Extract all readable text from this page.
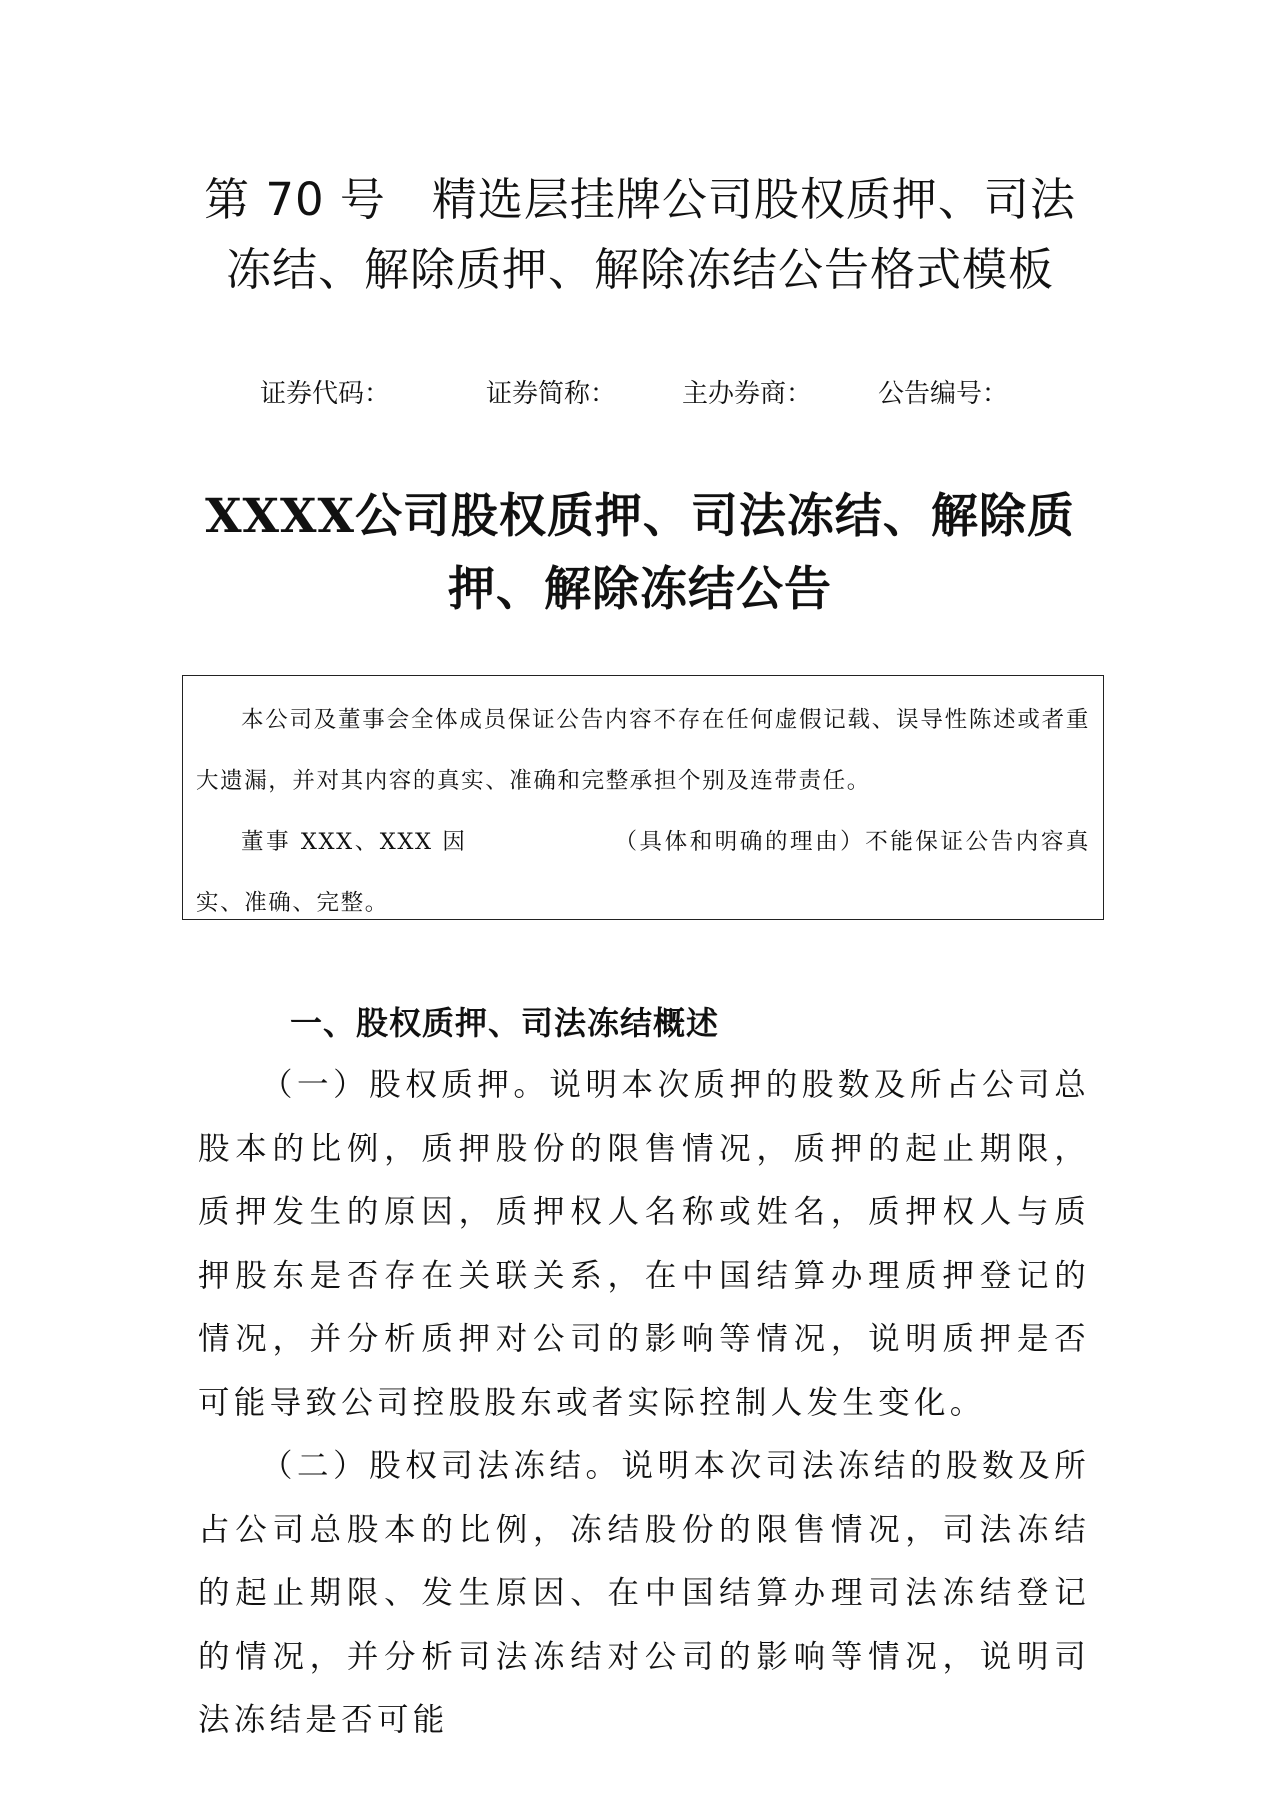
第 70 号　精选层挂牌公司股权质押、司法
冻结、解除质押、解除冻结公告格式模板
证券代码：	证券简称：	主办券商：	公告编号：
XXXX公司股权质押、司法冻结、解除质
押、解除冻结公告

本公司及董事会全体成员保证公告内容不存在任何虚假记载、误导性陈述或者重大遗漏，并对其内容的真实、准确和完整承担个别及连带责任。

董事 XXX、XXX 因	（具体和明确的理由）不能保证公告内容真实、准确、完整。

一、股权质押、司法冻结概述

（一）股权质押。说明本次质押的股数及所占公司总股本的比例，质押股份的限售情况，质押的起止期限，质押发生的原因，质押权人名称或姓名，质押权人与质押股东是否存在关联关系，在中国结算办理质押登记的情况，并分析质押对公司的影响等情况，说明质押是否可能导致公司控股股东或者实际控制人发生变化。

（二）股权司法冻结。说明本次司法冻结的股数及所占公司总股本的比例，冻结股份的限售情况，司法冻结的起止期限、发生原因、在中国结算办理司法冻结登记的情况，并分析司法冻结对公司的影响等情况，说明司法冻结是否可能
